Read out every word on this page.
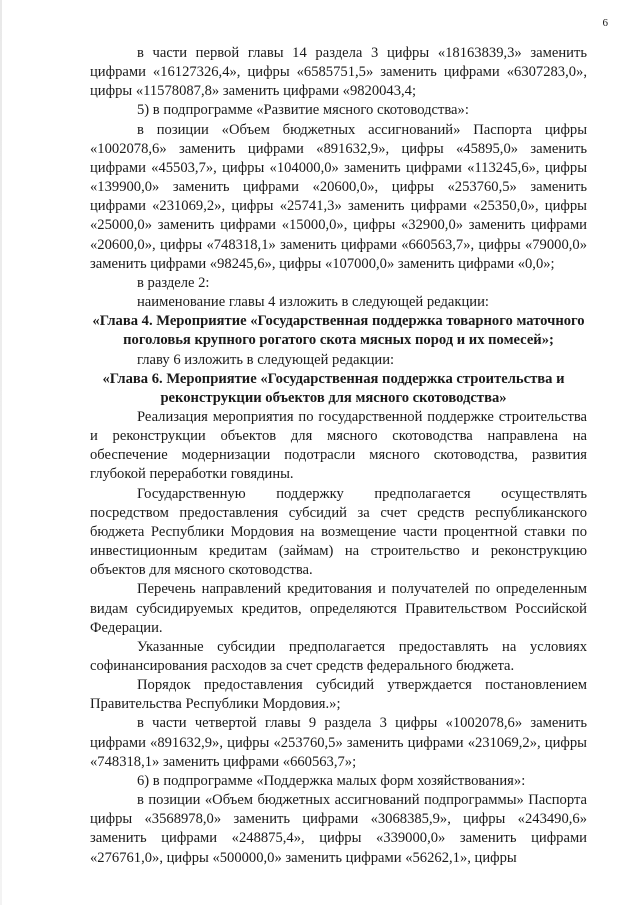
6

в части первой главы 14 раздела 3 цифры «18163839,3» заменить цифрами «16127326,4», цифры «6585751,5» заменить цифрами «6307283,0», цифры «11578087,8» заменить цифрами «9820043,4;

5) в подпрограмме «Развитие мясного скотоводства»:

в позиции «Объем бюджетных ассигнований» Паспорта цифры «1002078,6» заменить цифрами «891632,9», цифры «45895,0» заменить цифрами «45503,7», цифры «104000,0» заменить цифрами «113245,6», цифры «139900,0» заменить цифрами «20600,0», цифры «253760,5» заменить цифрами «231069,2», цифры «25741,3» заменить цифрами «25350,0», цифры «25000,0» заменить цифрами «15000,0», цифры «32900,0» заменить цифрами «20600,0», цифры «748318,1» заменить цифрами «660563,7», цифры «79000,0» заменить цифрами «98245,6», цифры «107000,0» заменить цифрами «0,0»;

в разделе 2:

наименование главы 4 изложить в следующей редакции:

«Глава 4. Мероприятие «Государственная поддержка товарного маточного поголовья крупного рогатого скота мясных пород и их помесей»;

главу 6 изложить в следующей редакции:

«Глава 6. Мероприятие «Государственная поддержка строительства и реконструкции объектов для мясного скотоводства»

Реализация мероприятия по государственной поддержке строительства и реконструкции объектов для мясного скотоводства направлена на обеспечение модернизации подотрасли мясного скотоводства, развития глубокой переработки говядины.

Государственную поддержку предполагается осуществлять посредством предоставления субсидий за счет средств республиканского бюджета Республики Мордовия на возмещение части процентной ставки по инвестиционным кредитам (займам) на строительство и реконструкцию объектов для мясного скотоводства.

Перечень направлений кредитования и получателей по определенным видам субсидируемых кредитов, определяются Правительством Российской Федерации.

Указанные субсидии предполагается предоставлять на условиях софинансирования расходов за счет средств федерального бюджета.

Порядок предоставления субсидий утверждается постановлением Правительства Республики Мордовия.»;

в части четвертой главы 9 раздела 3 цифры «1002078,6» заменить цифрами «891632,9», цифры «253760,5» заменить цифрами «231069,2», цифры «748318,1» заменить цифрами «660563,7»;

6) в подпрограмме «Поддержка малых форм хозяйствования»:

в позиции «Объем бюджетных ассигнований подпрограммы» Паспорта цифры «3568978,0» заменить цифрами «3068385,9», цифры «243490,6» заменить цифрами «248875,4», цифры «339000,0» заменить цифрами «276761,0», цифры «500000,0» заменить цифрами «56262,1», цифры
